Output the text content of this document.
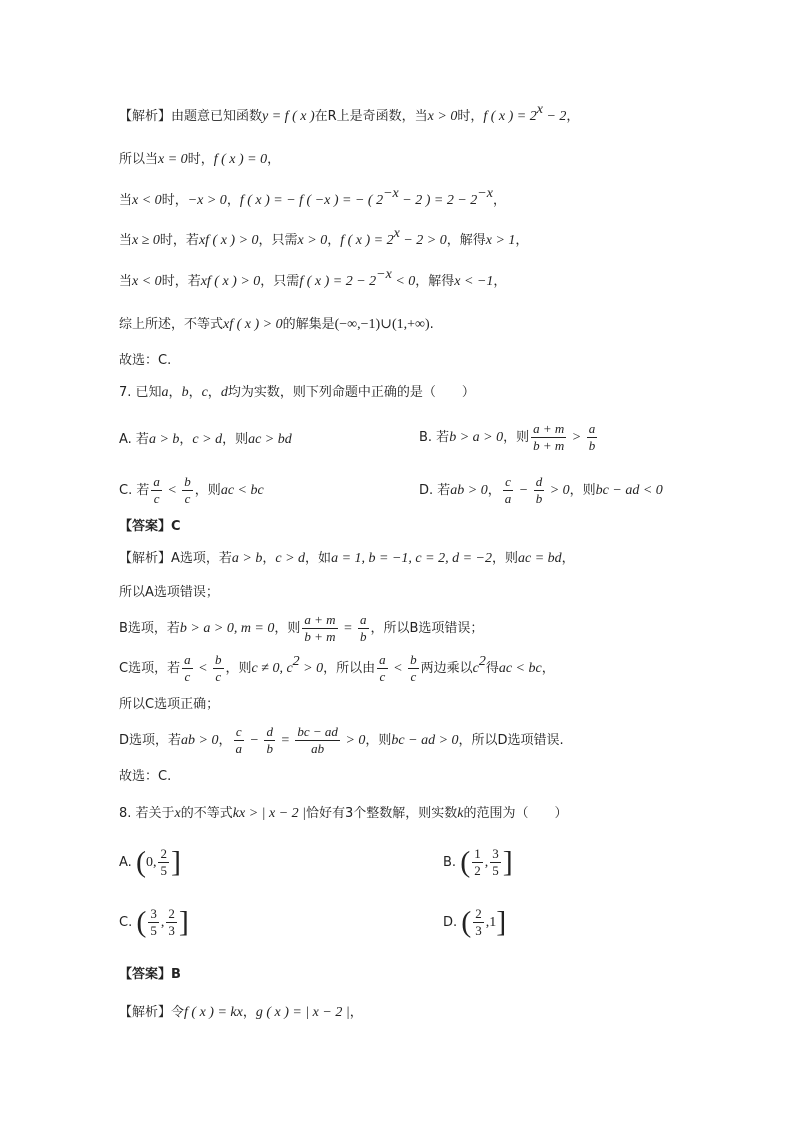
【解析】由题意已知函数y = f ( x )在R上是奇函数，当x > 0时，f ( x ) = $2^x - 2$，
所以当x = 0时，f ( x ) = 0，
当x < 0时，−x > 0，f ( x ) = − f ( −x ) = − ( $2^{-x} - 2$ ) = $2 - 2^{-x}$，
当x ≥ 0时，若xf ( x ) > 0，只需x > 0，f ( x ) = $2^x - 2 > 0$，解得x > 1，
当x < 0时，若xf ( x ) > 0，只需f ( x ) = $2 - 2^{-x} < 0$，解得x < −1，
综上所述，不等式xf ( x ) > 0的解集是(−∞,−1)∪(1,+∞).
故选：C.
7. 已知a，b，c，d均为实数，则下列命题中正确的是（　　）
A. 若a > b，c > d，则ac > bd	B. 若b > a > 0，则 $\frac{a + m}{b + m} > \frac{a}{b}$
C. 若 $\frac{a}{c} < \frac{b}{c}$ ，则ac < bc	D. 若ab > 0， $\frac{c}{a} - \frac{d}{b} > 0$，则bc − ad < 0
【答案】C
【解析】A选项，若a > b，c > d，如a = 1, b = −1, c = 2, d = −2，则ac = bd，
所以A选项错误；
B选项，若b > a > 0, m = 0，则 $\frac{a + m}{b + m} = \frac{a}{b}$ ，所以B选项错误；
C选项，若 $\frac{a}{c} < \frac{b}{c}$ ，则c ≠ 0, $c^2 > 0$，所以由 $\frac{a}{c} < \frac{b}{c}$ 两边乘以$c^2$得ac < bc，
所以C选项正确；
D选项，若ab > 0， $\frac{c}{a} - \frac{d}{b} = \frac{bc - ad}{ab} > 0$，则bc − ad > 0，所以D选项错误.
故选：C.
8. 若关于x的不等式kx > | x − 2 |恰好有3个整数解，则实数k的范围为（　　）
A. (0, $\frac{2}{5}$ ]	B. ( $\frac{1}{2}$ , $\frac{3}{5}$ ]
C. ( $\frac{3}{5}$ , $\frac{2}{3}$ ]	D. ( $\frac{2}{3} ,1$]
【答案】B
【解析】令f ( x ) = kx，g ( x ) = | x − 2 |，
